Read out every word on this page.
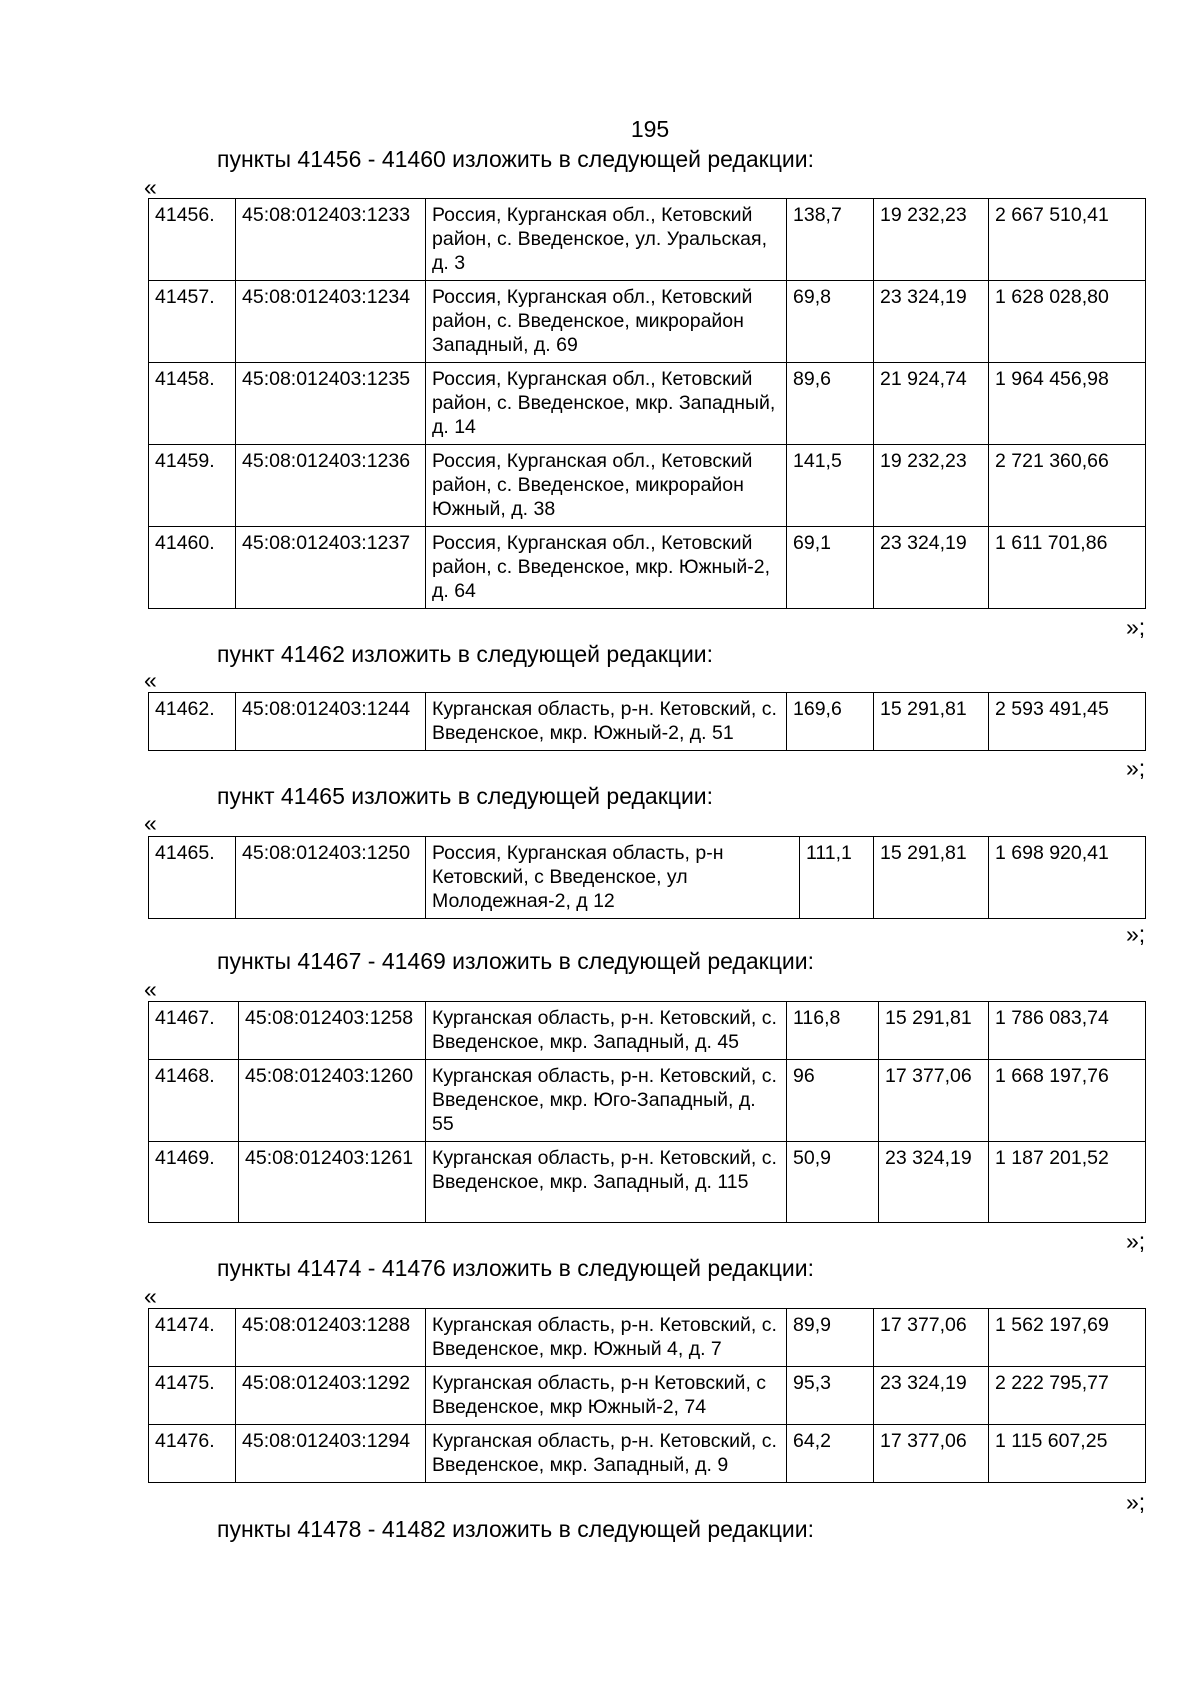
195
пункты 41456 - 41460 изложить в следующей редакции:
«
41456.	45:08:012403:1233	Россия, Курганская обл., Кетовский район, с. Введенское, ул. Уральская, д. 3	138,7	19 232,23	2 667 510,41
41457.	45:08:012403:1234	Россия, Курганская обл., Кетовский район, с. Введенское, микрорайон Западный, д. 69	69,8	23 324,19	1 628 028,80
41458.	45:08:012403:1235	Россия, Курганская обл., Кетовский район, с. Введенское, мкр. Западный, д. 14	89,6	21 924,74	1 964 456,98
41459.	45:08:012403:1236	Россия, Курганская обл., Кетовский район, с. Введенское, микрорайон Южный, д. 38	141,5	19 232,23	2 721 360,66
41460.	45:08:012403:1237	Россия, Курганская обл., Кетовский район, с. Введенское, мкр. Южный-2, д. 64	69,1	23 324,19	1 611 701,86
»;
пункт 41462 изложить в следующей редакции:
«
41462.	45:08:012403:1244	Курганская область, р-н. Кетовский, с. Введенское, мкр. Южный-2, д. 51	169,6	15 291,81	2 593 491,45
»;
пункт 41465 изложить в следующей редакции:
«
41465.	45:08:012403:1250	Россия, Курганская область, р-н Кетовский, с Введенское, ул Молодежная-2, д 12	111,1	15 291,81	1 698 920,41
»;
пункты 41467 - 41469 изложить в следующей редакции:
«
41467.	45:08:012403:1258	Курганская область, р-н. Кетовский, с. Введенское, мкр. Западный, д. 45	116,8	15 291,81	1 786 083,74
41468.	45:08:012403:1260	Курганская область, р-н. Кетовский, с. Введенское, мкр. Юго-Западный, д. 55	96	17 377,06	1 668 197,76
41469.	45:08:012403:1261	Курганская область, р-н. Кетовский, с. Введенское, мкр. Западный, д. 115	50,9	23 324,19	1 187 201,52
»;
пункты 41474 - 41476 изложить в следующей редакции:
«
41474.	45:08:012403:1288	Курганская область, р-н. Кетовский, с. Введенское, мкр. Южный 4, д. 7	89,9	17 377,06	1 562 197,69
41475.	45:08:012403:1292	Курганская область, р-н Кетовский, с Введенское, мкр Южный-2, 74	95,3	23 324,19	2 222 795,77
41476.	45:08:012403:1294	Курганская область, р-н. Кетовский, с. Введенское, мкр. Западный, д. 9	64,2	17 377,06	1 115 607,25
»;
пункты 41478 - 41482 изложить в следующей редакции:
